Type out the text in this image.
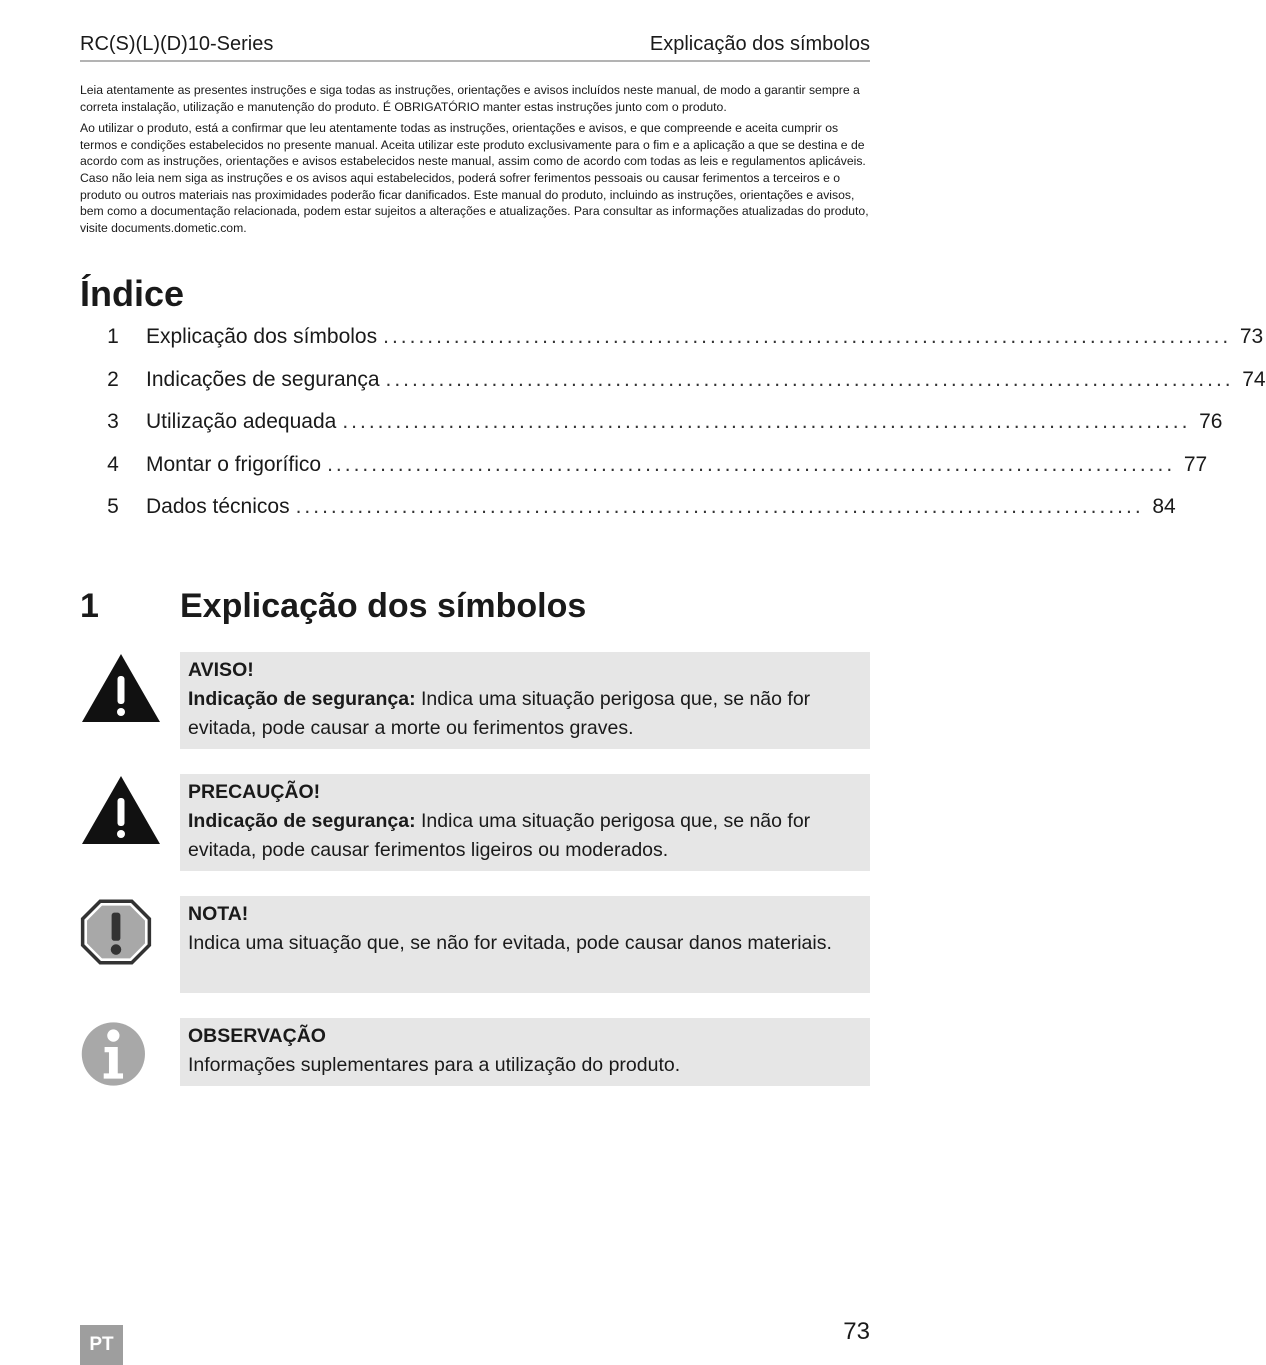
RC(S)(L)(D)10-Series	Explicação dos símbolos

Leia atentamente as presentes instruções e siga todas as instruções, orientações e avisos incluídos neste manual, de modo a garantir sempre a correta instalação, utilização e manutenção do produto. É OBRIGATÓRIO manter estas instruções junto com o produto.

Ao utilizar o produto, está a confirmar que leu atentamente todas as instruções, orientações e avisos, e que compreende e aceita cumprir os termos e condições estabelecidos no presente manual. Aceita utilizar este produto exclusivamente para o fim e a aplicação a que se destina e de acordo com as instruções, orientações e avisos estabelecidos neste manual, assim como de acordo com todas as leis e regulamentos aplicáveis. Caso não leia nem siga as instruções e os avisos aqui estabelecidos, poderá sofrer ferimentos pessoais ou causar ferimentos a terceiros e o produto ou outros materiais nas proximidades poderão ficar danificados. Este manual do produto, incluindo as instruções, orientações e avisos, bem como a documentação relacionada, podem estar sujeitos a alterações e atualizações. Para consultar as informações atualizadas do produto, visite documents.dometic.com.

Índice
1	Explicação dos símbolos ................................................................................................ 73
2	Indicações de segurança ................................................................................................ 74
3	Utilização adequada ................................................................................................ 76
4	Montar o frigorífico ................................................................................................ 77
5	Dados técnicos ................................................................................................ 84
1 Explicação dos símbolos
AVISO!
Indicação de segurança: Indica uma situação perigosa que, se não for evitada, pode causar a morte ou ferimentos graves.
PRECAUÇÃO!
Indicação de segurança: Indica uma situação perigosa que, se não for evitada, pode causar ferimentos ligeiros ou moderados.
NOTA!
Indica uma situação que, se não for evitada, pode causar danos materiais.
OBSERVAÇÃO
Informações suplementares para a utilização do produto.
PT	73
